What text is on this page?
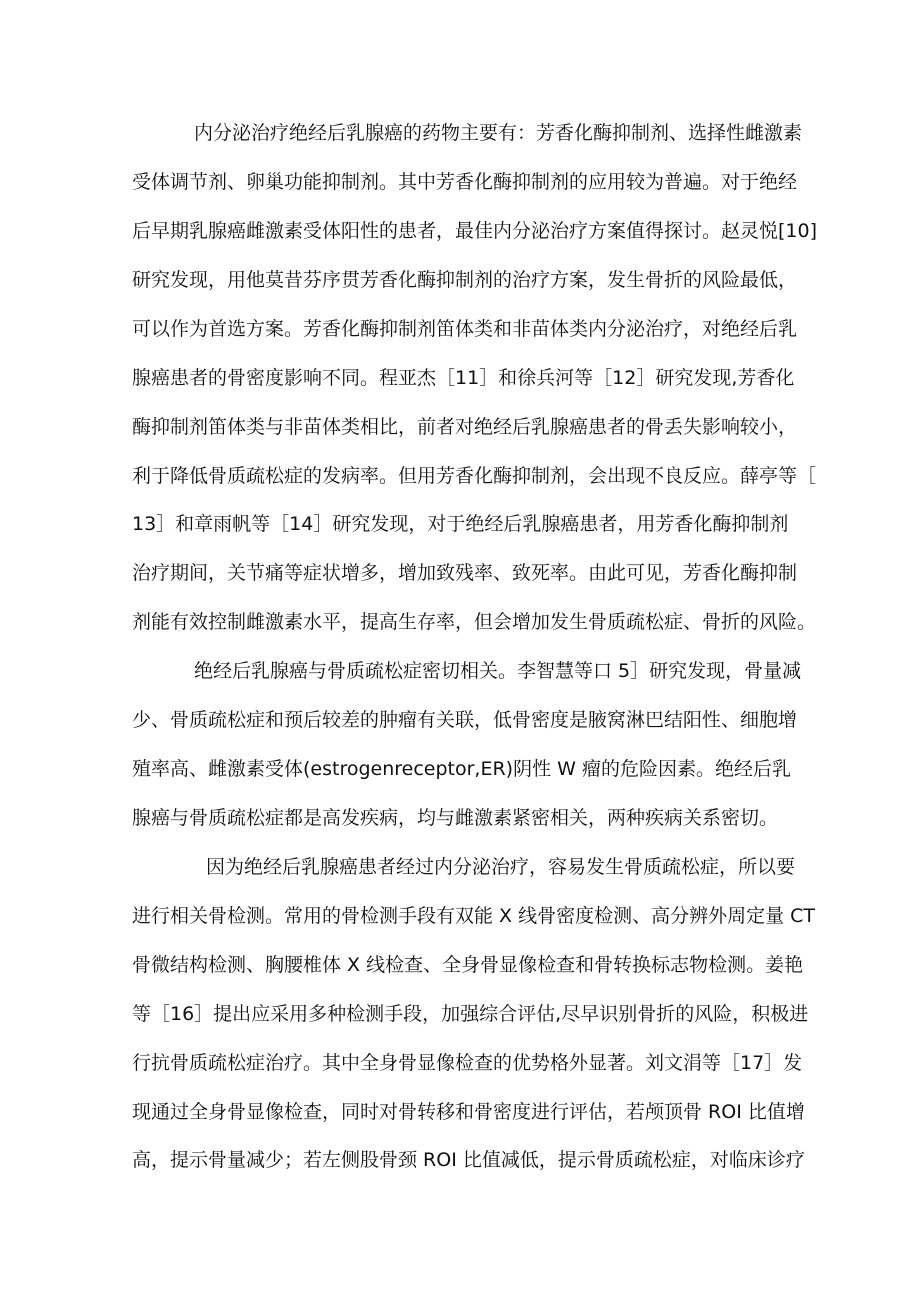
内分泌治疗绝经后乳腺癌的药物主要有：芳香化酶抑制剂、选择性雌激素
受体调节剂、卵巢功能抑制剂。其中芳香化酶抑制剂的应用较为普遍。对于绝经
后早期乳腺癌雌激素受体阳性的患者，最佳内分泌治疗方案值得探讨。赵灵悦[10]
研究发现，用他莫昔芬序贯芳香化酶抑制剂的治疗方案，发生骨折的风险最低，
可以作为首选方案。芳香化酶抑制剂笛体类和非苗体类内分泌治疗，对绝经后乳
腺癌患者的骨密度影响不同。程亚杰［11］和徐兵河等［12］研究发现,芳香化
酶抑制剂笛体类与非苗体类相比，前者对绝经后乳腺癌患者的骨丢失影响较小，
利于降低骨质疏松症的发病率。但用芳香化酶抑制剂，会出现不良反应。薛亭等［
13］和章雨帆等［14］研究发现，对于绝经后乳腺癌患者，用芳香化酶抑制剂
治疗期间，关节痛等症状增多，增加致残率、致死率。由此可见，芳香化酶抑制
剂能有效控制雌激素水平，提高生存率，但会增加发生骨质疏松症、骨折的风险。
绝经后乳腺癌与骨质疏松症密切相关。李智慧等口 5］研究发现，骨量减
少、骨质疏松症和预后较差的肿瘤有关联，低骨密度是腋窝淋巴结阳性、细胞增
殖率高、雌激素受体(estrogenreceptor,ER)阴性 W 瘤的危险因素。绝经后乳
腺癌与骨质疏松症都是高发疾病，均与雌激素紧密相关，两种疾病关系密切。
因为绝经后乳腺癌患者经过内分泌治疗，容易发生骨质疏松症，所以要
进行相关骨检测。常用的骨检测手段有双能 X 线骨密度检测、高分辨外周定量 CT
骨微结构检测、胸腰椎体 X 线检查、全身骨显像检查和骨转换标志物检测。姜艳
等［16］提出应采用多种检测手段，加强综合评估,尽早识别骨折的风险，积极进
行抗骨质疏松症治疗。其中全身骨显像检查的优势格外显著。刘文涓等［17］发
现通过全身骨显像检查，同时对骨转移和骨密度进行评估，若颅顶骨 ROI 比值增
高，提示骨量减少；若左侧股骨颈 ROI 比值减低，提示骨质疏松症，对临床诊疗
